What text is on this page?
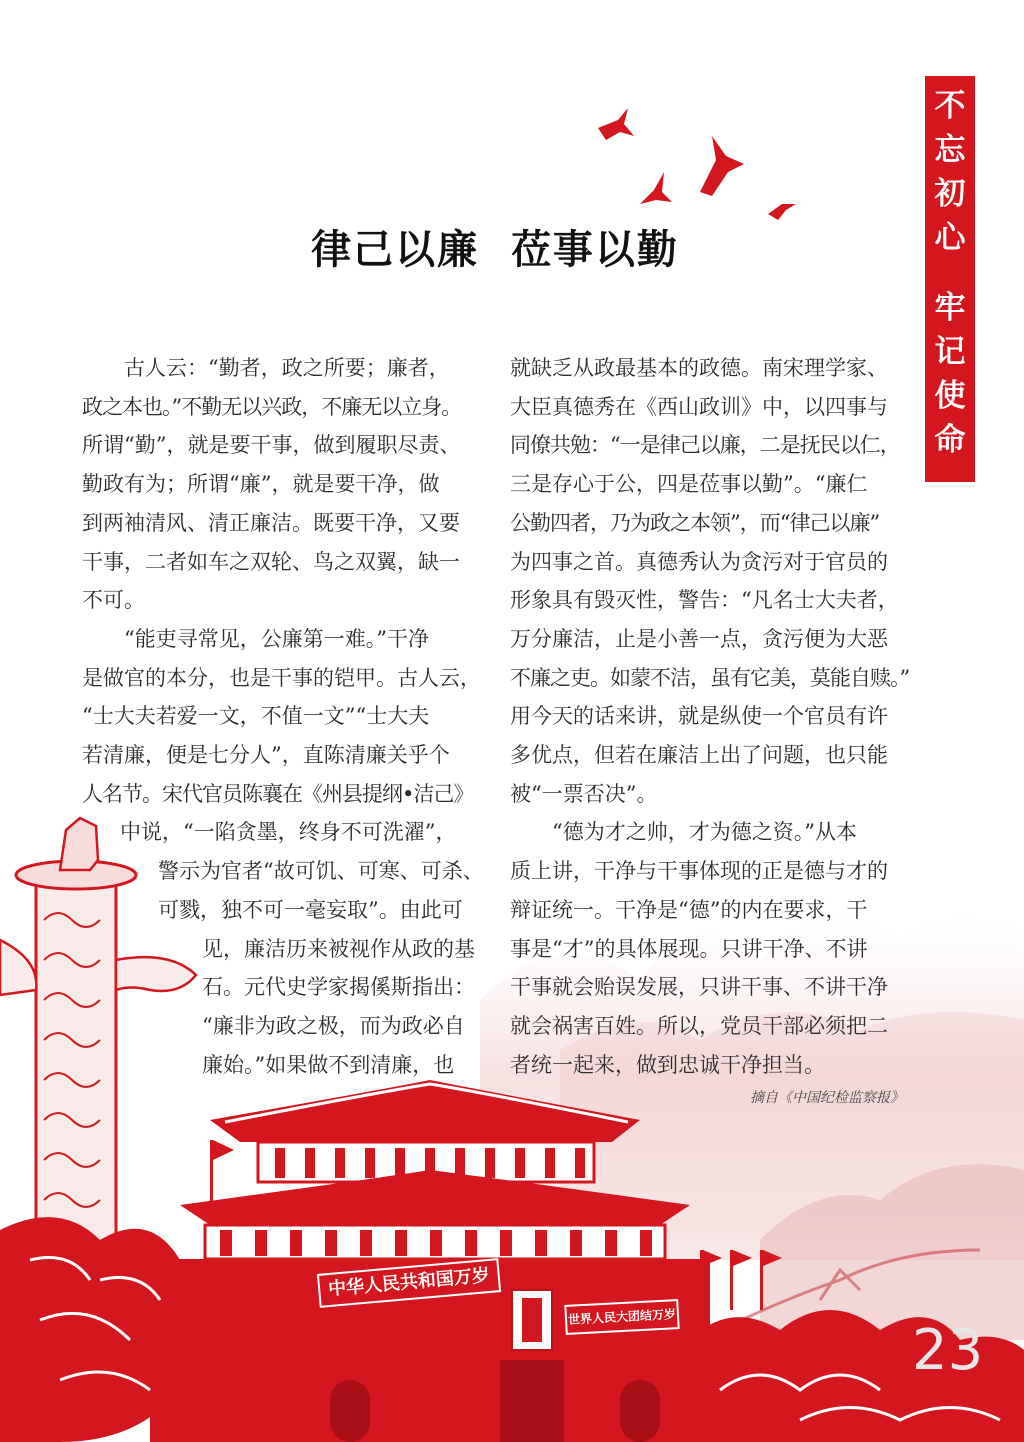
中华人民共和国万岁
世界人民大团结万岁
不
忘
初
心
牢
记
使
命
律己以廉  莅事以勤
古人云：“勤者，政之所要；廉者，
政之本也。”不勤无以兴政，不廉无以立身。
所谓“勤”，就是要干事，做到履职尽责、
勤政有为；所谓“廉”，就是要干净，做
到两袖清风、清正廉洁。既要干净，又要
干事，二者如车之双轮、鸟之双翼，缺一
不可。
“能吏寻常见，公廉第一难。”干净
是做官的本分，也是干事的铠甲。古人云，
“士大夫若爱一文，不值一文”“士大夫
若清廉，便是七分人”，直陈清廉关乎个
人名节。宋代官员陈襄在《州县提纲•洁己》
中说，“一陷贪墨，终身不可洗濯”，
警示为官者“故可饥、可寒、可杀、
可戮，独不可一毫妄取”。由此可
见，廉洁历来被视作从政的基
石。元代史学家揭傒斯指出：
“廉非为政之极，而为政必自
廉始。”如果做不到清廉，也
就缺乏从政最基本的政德。南宋理学家、
大臣真德秀在《西山政训》中，以四事与
同僚共勉：“一是律己以廉，二是抚民以仁，
三是存心于公，四是莅事以勤”。“廉仁
公勤四者，乃为政之本领”，而“律己以廉”
为四事之首。真德秀认为贪污对于官员的
形象具有毁灭性，警告：“凡名士大夫者，
万分廉洁，止是小善一点，贪污便为大恶
不廉之吏。如蒙不洁，虽有它美，莫能自赎。”
用今天的话来讲，就是纵使一个官员有许
多优点，但若在廉洁上出了问题，也只能
被“一票否决”。
“德为才之帅，才为德之资。”从本
质上讲，干净与干事体现的正是德与才的
辩证统一。干净是“德”的内在要求，干
事是“才”的具体展现。只讲干净、不讲
干事就会贻误发展，只讲干事、不讲干净
就会祸害百姓。所以，党员干部必须把二
者统一起来，做到忠诚干净担当。
摘自《中国纪检监察报》
23
